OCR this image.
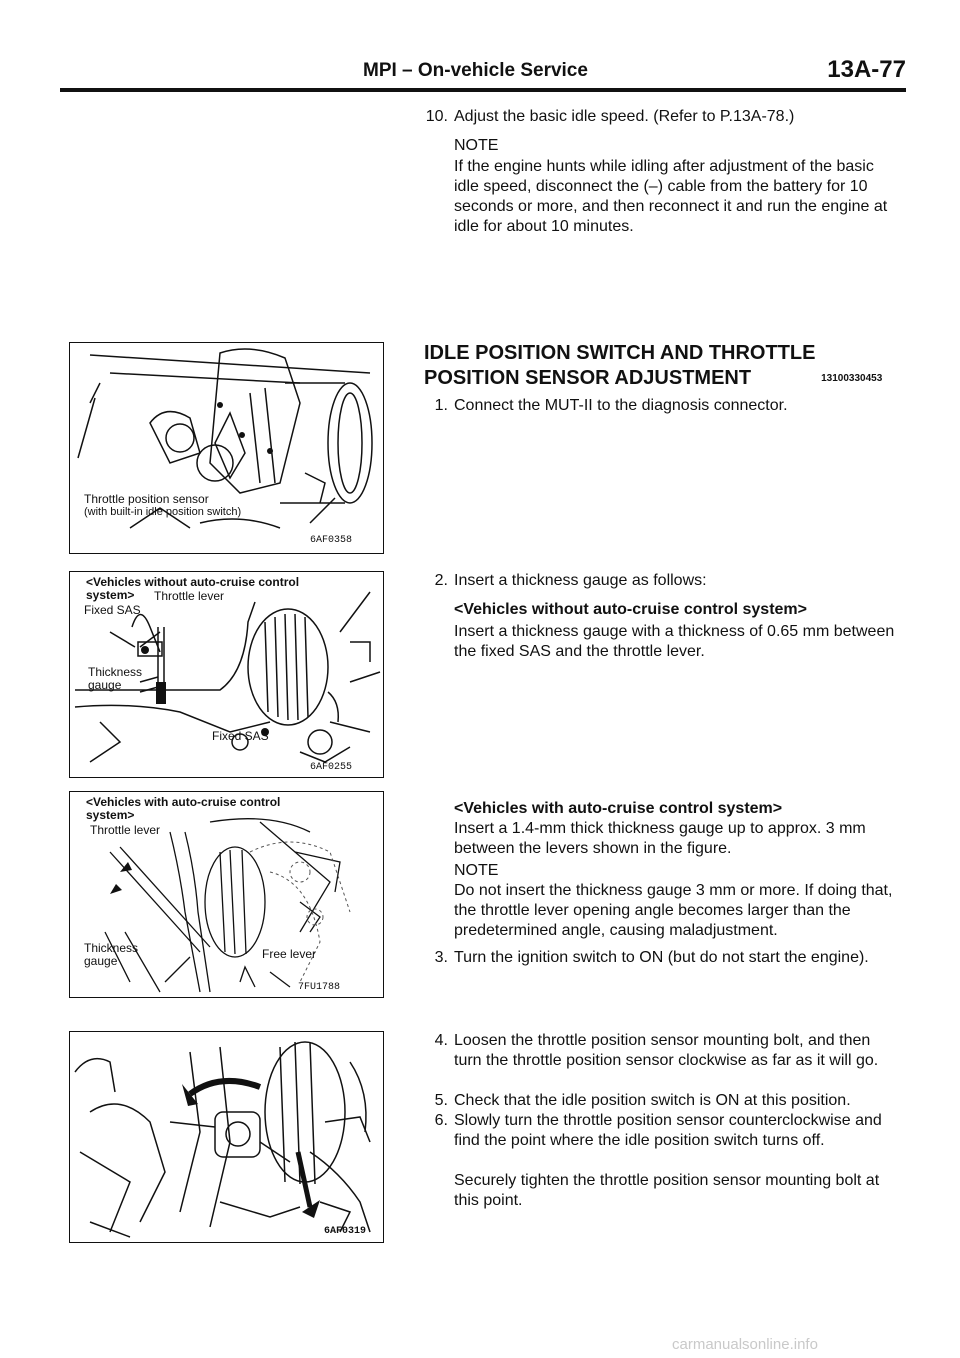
MPI – On-vehicle Service	13A-77
10. Adjust the basic idle speed. (Refer to P.13A-78.)
NOTE
If the engine hunts while idling after adjustment of the basic idle speed, disconnect the (–) cable from the battery for 10 seconds or more, and then reconnect it and run the engine at idle for about 10 minutes.
IDLE POSITION SWITCH AND THROTTLE
POSITION SENSOR ADJUSTMENT	13100330453
1. Connect the MUT-II to the diagnosis connector.
2. Insert a thickness gauge as follows:
<Vehicles without auto-cruise control system>
Insert a thickness gauge with a thickness of 0.65 mm between the fixed SAS and the throttle lever.
<Vehicles with auto-cruise control system>
Insert a 1.4-mm thick thickness gauge up to approx. 3 mm between the levers shown in the figure.
NOTE
Do not insert the thickness gauge 3 mm or more. If doing that, the throttle lever opening angle becomes larger than the predetermined angle, causing maladjustment.
3. Turn the ignition switch to ON (but do not start the engine).
4. Loosen the throttle position sensor mounting bolt, and then turn the throttle position sensor clockwise as far as it will go.
5. Check that the idle position switch is ON at this position.
6. Slowly turn the throttle position sensor counterclockwise and find the point where the idle position switch turns off.
Securely tighten the throttle position sensor mounting bolt at this point.
Throttle position sensor
(with built-in idle position switch)
6AF0358
<Vehicles without auto-cruise control
system> Throttle lever
Fixed SAS
Thickness
gauge
Fixed SAS
6AF0255
<Vehicles with auto-cruise control
system>
Throttle lever
Thickness
gauge	Free lever
7FU1788
6AF0319
carmanualsonline.info
